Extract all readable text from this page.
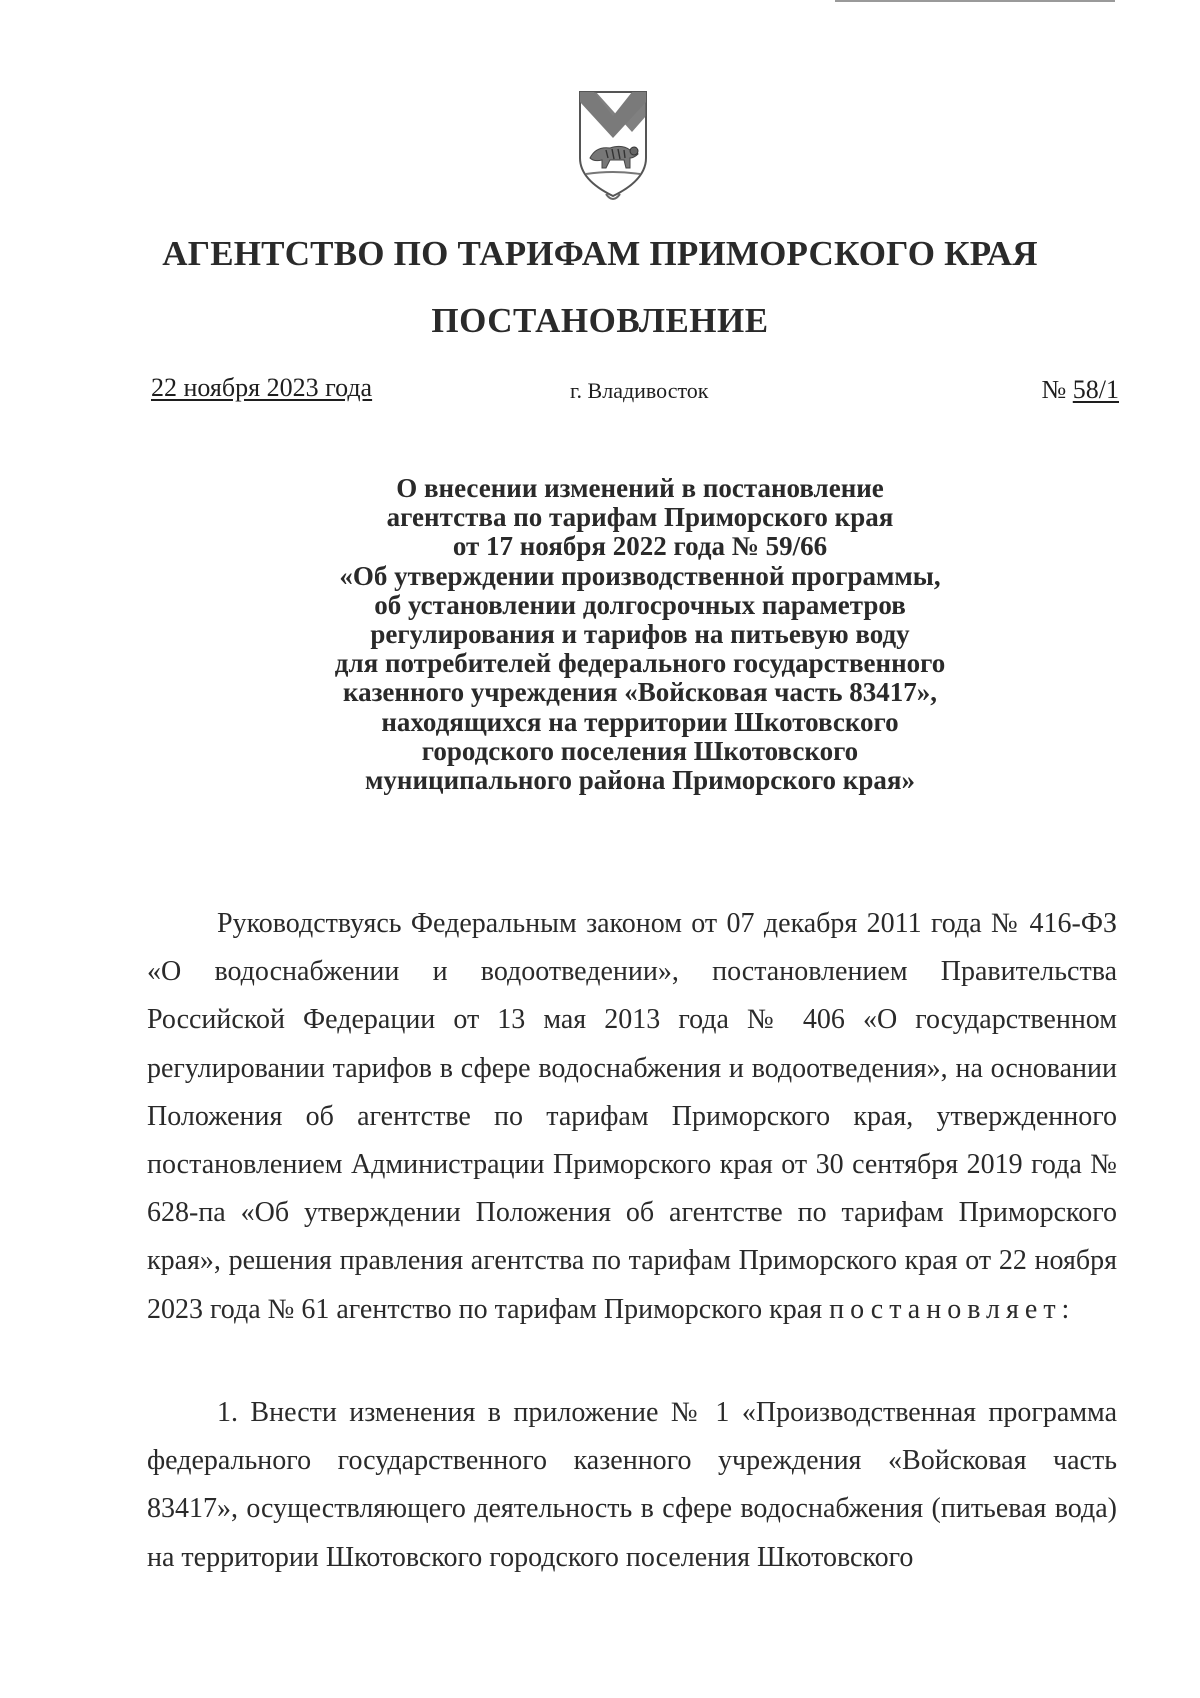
АГЕНТСТВО ПО ТАРИФАМ ПРИМОРСКОГО КРАЯ
ПОСТАНОВЛЕНИЕ
22 ноября 2023 года	г. Владивосток	№ 58/1
О внесении изменений в постановление
агентства по тарифам Приморского края
от 17 ноября 2022 года № 59/66
«Об утверждении производственной программы,
об установлении долгосрочных параметров
регулирования и тарифов на питьевую воду
для потребителей федерального государственного
казенного учреждения «Войсковая часть 83417»,
находящихся на территории Шкотовского
городского поселения Шкотовского
муниципального района Приморского края»
Руководствуясь Федеральным законом от 07 декабря 2011 года № 416-ФЗ «О водоснабжении и водоотведении», постановлением Правительства Российской Федерации от 13 мая 2013 года № 406 «О государственном регулировании тарифов в сфере водоснабжения и водоотведения», на основании Положения об агентстве по тарифам Приморского края, утвержденного постановлением Администрации Приморского края от 30 сентября 2019 года № 628-па «Об утверждении Положения об агентстве по тарифам Приморского края», решения правления агентства по тарифам Приморского края от 22 ноября 2023 года № 61 агентство по тарифам Приморского края постановляет:
1. Внести изменения в приложение № 1 «Производственная программа федерального государственного казенного учреждения «Войсковая часть 83417», осуществляющего деятельность в сфере водоснабжения (питьевая вода) на территории Шкотовского городского поселения Шкотовского
